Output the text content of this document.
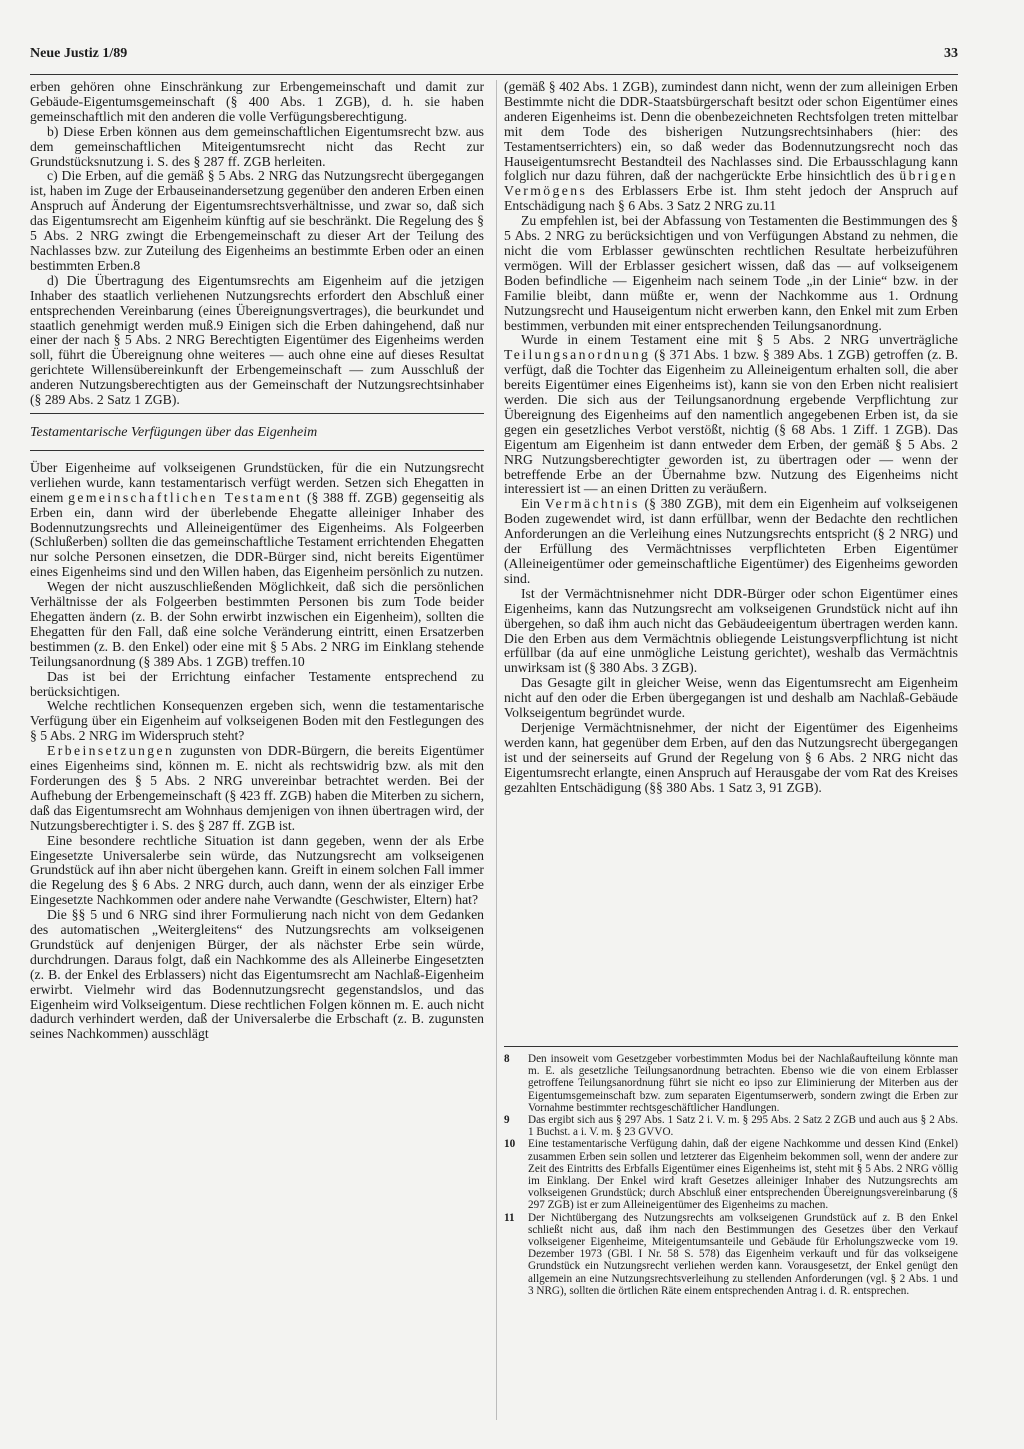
Neue Justiz 1/89	33

erben gehören ohne Einschränkung zur Erbengemeinschaft und damit zur Gebäude-Eigentumsgemeinschaft (§ 400 Abs. 1 ZGB), d. h. sie haben gemeinschaftlich mit den anderen die volle Verfügungsberechtigung.

b) Diese Erben können aus dem gemeinschaftlichen Eigentumsrecht bzw. aus dem gemeinschaftlichen Miteigentumsrecht nicht das Recht zur Grundstücksnutzung i. S. des § 287 ff. ZGB herleiten.

c) Die Erben, auf die gemäß § 5 Abs. 2 NRG das Nutzungsrecht übergegangen ist, haben im Zuge der Erbauseinandersetzung gegenüber den anderen Erben einen Anspruch auf Änderung der Eigentumsrechtsverhältnisse, und zwar so, daß sich das Eigentumsrecht am Eigenheim künftig auf sie beschränkt. Die Regelung des § 5 Abs. 2 NRG zwingt die Erbengemeinschaft zu dieser Art der Teilung des Nachlasses bzw. zur Zuteilung des Eigenheims an bestimmte Erben oder an einen bestimmten Erben.8

d) Die Übertragung des Eigentumsrechts am Eigenheim auf die jetzigen Inhaber des staatlich verliehenen Nutzungsrechts erfordert den Abschluß einer entsprechenden Vereinbarung (eines Übereignungsvertrages), die beurkundet und staatlich genehmigt werden muß.9 Einigen sich die Erben dahingehend, daß nur einer der nach § 5 Abs. 2 NRG Berechtigten Eigentümer des Eigenheims werden soll, führt die Übereignung ohne weiteres — auch ohne eine auf dieses Resultat gerichtete Willensübereinkunft der Erbengemeinschaft — zum Ausschluß der anderen Nutzungsberechtigten aus der Gemeinschaft der Nutzungsrechtsinhaber (§ 289 Abs. 2 Satz 1 ZGB).

Testamentarische Verfügungen über das Eigenheim

Über Eigenheime auf volkseigenen Grundstücken, für die ein Nutzungsrecht verliehen wurde, kann testamentarisch verfügt werden. Setzen sich Ehegatten in einem gemeinschaftlichen Testament (§ 388 ff. ZGB) gegenseitig als Erben ein, dann wird der überlebende Ehegatte alleiniger Inhaber des Bodennutzungsrechts und Alleineigentümer des Eigenheims. Als Folgeerben (Schlußerben) sollten die das gemeinschaftliche Testament errichtenden Ehegatten nur solche Personen einsetzen, die DDR-Bürger sind, nicht bereits Eigentümer eines Eigenheims sind und den Willen haben, das Eigenheim persönlich zu nutzen.

Wegen der nicht auszuschließenden Möglichkeit, daß sich die persönlichen Verhältnisse der als Folgeerben bestimmten Personen bis zum Tode beider Ehegatten ändern (z. B. der Sohn erwirbt inzwischen ein Eigenheim), sollten die Ehegatten für den Fall, daß eine solche Veränderung eintritt, einen Ersatzerben bestimmen (z. B. den Enkel) oder eine mit § 5 Abs. 2 NRG im Einklang stehende Teilungsanordnung (§ 389 Abs. 1 ZGB) treffen.10

Das ist bei der Errichtung einfacher Testamente entsprechend zu berücksichtigen.

Welche rechtlichen Konsequenzen ergeben sich, wenn die testamentarische Verfügung über ein Eigenheim auf volkseigenen Boden mit den Festlegungen des § 5 Abs. 2 NRG im Widerspruch steht?

Erbeinsetzungen zugunsten von DDR-Bürgern, die bereits Eigentümer eines Eigenheims sind, können m. E. nicht als rechtswidrig bzw. als mit den Forderungen des § 5 Abs. 2 NRG unvereinbar betrachtet werden. Bei der Aufhebung der Erbengemeinschaft (§ 423 ff. ZGB) haben die Miterben zu sichern, daß das Eigentumsrecht am Wohnhaus demjenigen von ihnen übertragen wird, der Nutzungsberechtigter i. S. des § 287 ff. ZGB ist.

Eine besondere rechtliche Situation ist dann gegeben, wenn der als Erbe Eingesetzte Universalerbe sein würde, das Nutzungsrecht am volkseigenen Grundstück auf ihn aber nicht übergehen kann. Greift in einem solchen Fall immer die Regelung des § 6 Abs. 2 NRG durch, auch dann, wenn der als einziger Erbe Eingesetzte Nachkommen oder andere nahe Verwandte (Geschwister, Eltern) hat?

Die §§ 5 und 6 NRG sind ihrer Formulierung nach nicht von dem Gedanken des automatischen „Weitergleitens“ des Nutzungsrechts am volkseigenen Grundstück auf denjenigen Bürger, der als nächster Erbe sein würde, durchdrungen. Daraus folgt, daß ein Nachkomme des als Alleinerbe Eingesetzten (z. B. der Enkel des Erblassers) nicht das Eigentumsrecht am Nachlaß-Eigenheim erwirbt. Vielmehr wird das Bodennutzungsrecht gegenstandslos, und das Eigenheim wird Volkseigentum. Diese rechtlichen Folgen können m. E. auch nicht dadurch verhindert werden, daß der Universalerbe die Erbschaft (z. B. zugunsten seines Nachkommen) ausschlägt

(gemäß § 402 Abs. 1 ZGB), zumindest dann nicht, wenn der zum alleinigen Erben Bestimmte nicht die DDR-Staatsbürgerschaft besitzt oder schon Eigentümer eines anderen Eigenheims ist. Denn die obenbezeichneten Rechtsfolgen treten mittelbar mit dem Tode des bisherigen Nutzungsrechtsinhabers (hier: des Testamentserrichters) ein, so daß weder das Bodennutzungsrecht noch das Hauseigentumsrecht Bestandteil des Nachlasses sind. Die Erbausschlagung kann folglich nur dazu führen, daß der nachgerückte Erbe hinsichtlich des übrigen Vermögens des Erblassers Erbe ist. Ihm steht jedoch der Anspruch auf Entschädigung nach § 6 Abs. 3 Satz 2 NRG zu.11

Zu empfehlen ist, bei der Abfassung von Testamenten die Bestimmungen des § 5 Abs. 2 NRG zu berücksichtigen und von Verfügungen Abstand zu nehmen, die nicht die vom Erblasser gewünschten rechtlichen Resultate herbeizuführen vermögen. Will der Erblasser gesichert wissen, daß das — auf volkseigenem Boden befindliche — Eigenheim nach seinem Tode „in der Linie“ bzw. in der Familie bleibt, dann müßte er, wenn der Nachkomme aus 1. Ordnung Nutzungsrecht und Hauseigentum nicht erwerben kann, den Enkel mit zum Erben bestimmen, verbunden mit einer entsprechenden Teilungsanordnung.

Wurde in einem Testament eine mit § 5 Abs. 2 NRG unverträgliche Teilungsanordnung (§ 371 Abs. 1 bzw. § 389 Abs. 1 ZGB) getroffen (z. B. verfügt, daß die Tochter das Eigenheim zu Alleineigentum erhalten soll, die aber bereits Eigentümer eines Eigenheims ist), kann sie von den Erben nicht realisiert werden. Die sich aus der Teilungsanordnung ergebende Verpflichtung zur Übereignung des Eigenheims auf den namentlich angegebenen Erben ist, da sie gegen ein gesetzliches Verbot verstößt, nichtig (§ 68 Abs. 1 Ziff. 1 ZGB). Das Eigentum am Eigenheim ist dann entweder dem Erben, der gemäß § 5 Abs. 2 NRG Nutzungsberechtigter geworden ist, zu übertragen oder — wenn der betreffende Erbe an der Übernahme bzw. Nutzung des Eigenheims nicht interessiert ist — an einen Dritten zu veräußern.

Ein Vermächtnis (§ 380 ZGB), mit dem ein Eigenheim auf volkseigenen Boden zugewendet wird, ist dann erfüllbar, wenn der Bedachte den rechtlichen Anforderungen an die Verleihung eines Nutzungsrechts entspricht (§ 2 NRG) und der Erfüllung des Vermächtnisses verpflichteten Erben Eigentümer (Alleineigentümer oder gemeinschaftliche Eigentümer) des Eigenheims geworden sind.

Ist der Vermächtnisnehmer nicht DDR-Bürger oder schon Eigentümer eines Eigenheims, kann das Nutzungsrecht am volkseigenen Grundstück nicht auf ihn übergehen, so daß ihm auch nicht das Gebäudeeigentum übertragen werden kann. Die den Erben aus dem Vermächtnis obliegende Leistungsverpflichtung ist nicht erfüllbar (da auf eine unmögliche Leistung gerichtet), weshalb das Vermächtnis unwirksam ist (§ 380 Abs. 3 ZGB).

Das Gesagte gilt in gleicher Weise, wenn das Eigentumsrecht am Eigenheim nicht auf den oder die Erben übergegangen ist und deshalb am Nachlaß-Gebäude Volkseigentum begründet wurde.

Derjenige Vermächtnisnehmer, der nicht der Eigentümer des Eigenheims werden kann, hat gegenüber dem Erben, auf den das Nutzungsrecht übergegangen ist und der seinerseits auf Grund der Regelung von § 6 Abs. 2 NRG nicht das Eigentumsrecht erlangte, einen Anspruch auf Herausgabe der vom Rat des Kreises gezahlten Entschädigung (§§ 380 Abs. 1 Satz 3, 91 ZGB).

8	Den insoweit vom Gesetzgeber vorbestimmten Modus bei der Nachlaßaufteilung könnte man m. E. als gesetzliche Teilungsanordnung betrachten. Ebenso wie die von einem Erblasser getroffene Teilungsanordnung führt sie nicht eo ipso zur Eliminierung der Miterben aus der Eigentumsgemeinschaft bzw. zum separaten Eigentumserwerb, sondern zwingt die Erben zur Vornahme bestimmter rechtsgeschäftlicher Handlungen.
9	Das ergibt sich aus § 297 Abs. 1 Satz 2 i. V. m. § 295 Abs. 2 Satz 2 ZGB und auch aus § 2 Abs. 1 Buchst. a i. V. m. § 23 GVVO.
10	Eine testamentarische Verfügung dahin, daß der eigene Nachkomme und dessen Kind (Enkel) zusammen Erben sein sollen und letzterer das Eigenheim bekommen soll, wenn der andere zur Zeit des Eintritts des Erbfalls Eigentümer eines Eigenheims ist, steht mit § 5 Abs. 2 NRG völlig im Einklang. Der Enkel wird kraft Gesetzes alleiniger Inhaber des Nutzungsrechts am volkseigenen Grundstück; durch Abschluß einer entsprechenden Übereignungsvereinbarung (§ 297 ZGB) ist er zum Alleineigentümer des Eigenheims zu machen.
11	Der Nichtübergang des Nutzungsrechts am volkseigenen Grundstück auf z. B den Enkel schließt nicht aus, daß ihm nach den Bestimmungen des Gesetzes über den Verkauf volkseigener Eigenheime, Miteigentumsanteile und Gebäude für Erholungszwecke vom 19. Dezember 1973 (GBl. I Nr. 58 S. 578) das Eigenheim verkauft und für das volkseigene Grundstück ein Nutzungsrecht verliehen werden kann. Vorausgesetzt, der Enkel genügt den allgemein an eine Nutzungsrechtsverleihung zu stellenden Anforderungen (vgl. § 2 Abs. 1 und 3 NRG), sollten die örtlichen Räte einem entsprechenden Antrag i. d. R. entsprechen.
